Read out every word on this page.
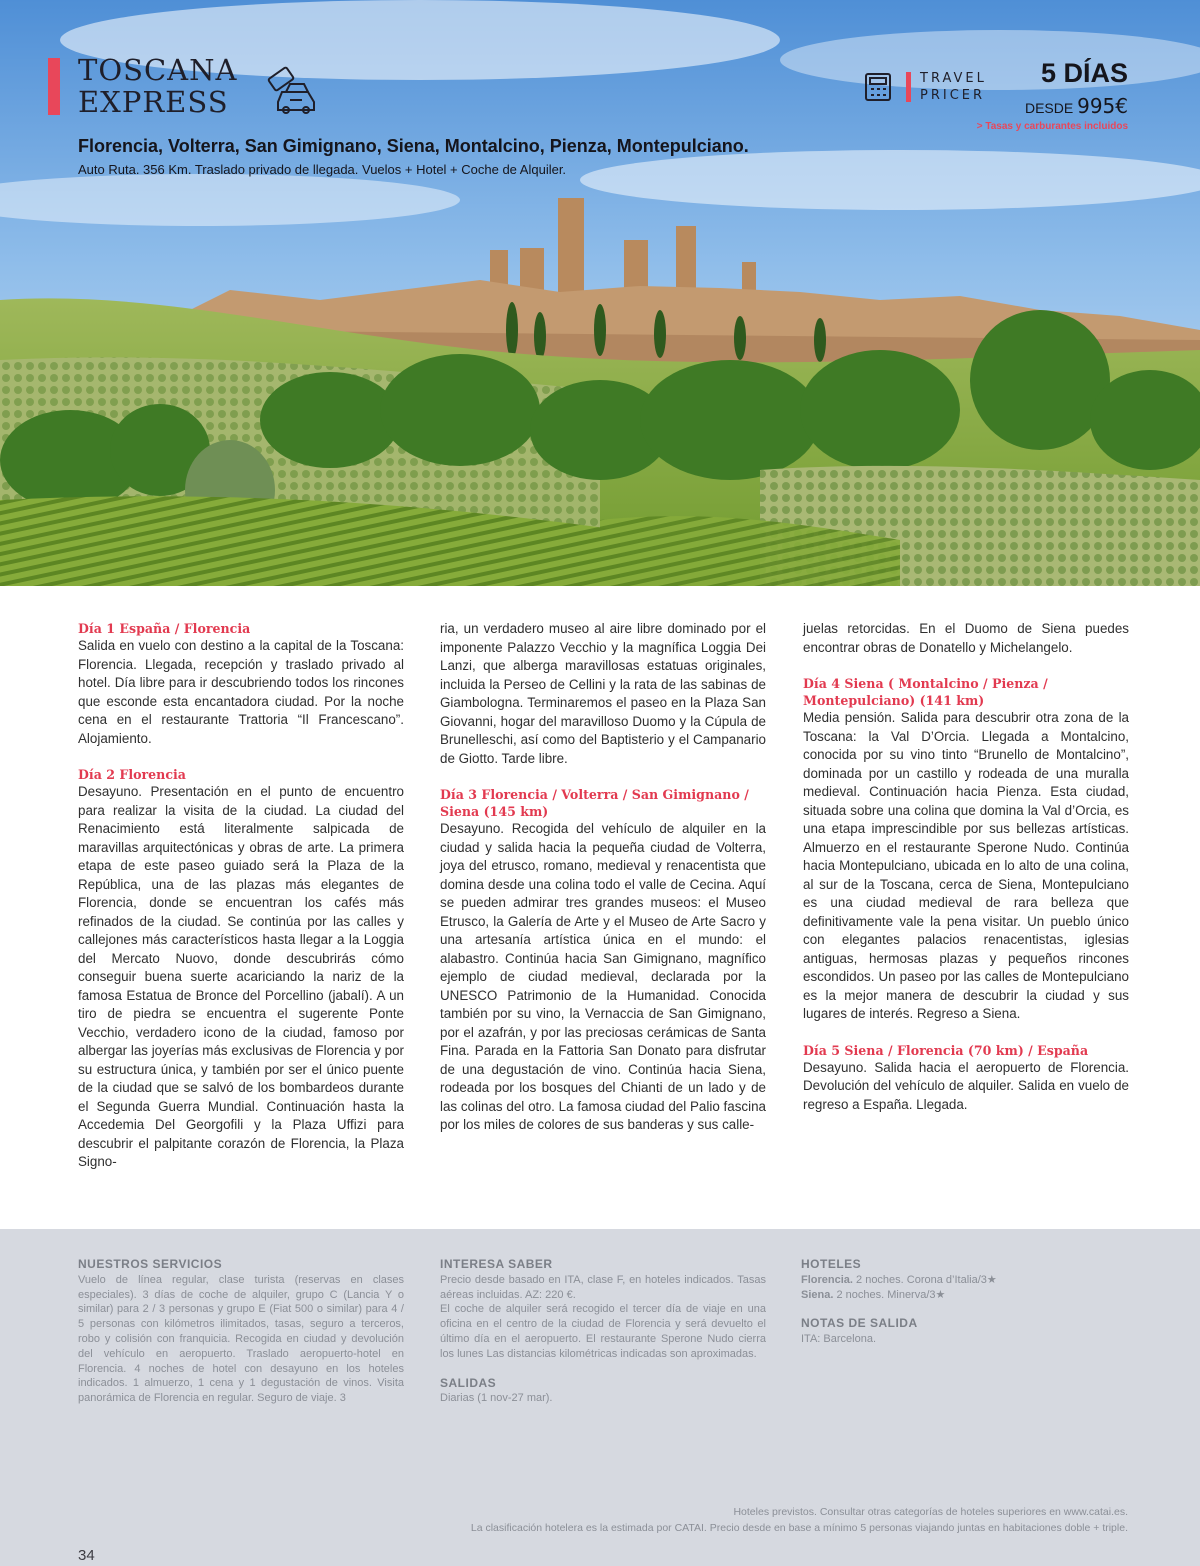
TOSCANA
EXPRESS
Florencia, Volterra, San Gimignano, Siena, Montalcino, Pienza, Montepulciano.
Auto Ruta. 356 Km. Traslado privado de llegada. Vuelos + Hotel + Coche de Alquiler.
TRAVEL
PRICER
5 DÍAS
DESDE 995€
> Tasas y carburantes incluidos
Día 1 España / Florencia

Salida en vuelo con destino a la capital de la Toscana: Florencia. Llegada, recepción y traslado privado al hotel. Día libre para ir descubriendo todos los rincones que esconde esta encantadora ciudad. Por la noche cena en el restaurante Trattoria “Il Francescano”. Alojamiento.

Día 2 Florencia

Desayuno. Presentación en el punto de encuentro para realizar la visita de la ciudad. La ciudad del Renacimiento está literalmente salpicada de maravillas arquitectónicas y obras de arte. La primera etapa de este paseo guiado será la Plaza de la República, una de las plazas más elegantes de Florencia, donde se encuentran los cafés más refinados de la ciudad. Se continúa por las calles y callejones más característicos hasta llegar a la Loggia del Mercato Nuovo, donde descubrirás cómo conseguir buena suerte acariciando la nariz de la famosa Estatua de Bronce del Porcellino (jabalí). A un tiro de piedra se encuentra el sugerente Ponte Vecchio, verdadero icono de la ciudad, famoso por albergar las joyerías más exclusivas de Florencia y por su estructura única, y también por ser el único puente de la ciudad que se salvó de los bombardeos durante el Segunda Guerra Mundial. Continuación hasta la Accedemia Del Georgofili y la Plaza Uffizi para descubrir el palpitante corazón de Florencia, la Plaza Signo-

ria, un verdadero museo al aire libre dominado por el imponente Palazzo Vecchio y la magnífica Loggia Dei Lanzi, que alberga maravillosas estatuas originales, incluida la Perseo de Cellini y la rata de las sabinas de Giambologna. Terminaremos el paseo en la Plaza San Giovanni, hogar del maravilloso Duomo y la Cúpula de Brunelleschi, así como del Baptisterio y el Campanario de Giotto. Tarde libre.

Día 3 Florencia / Volterra / San Gimignano / Siena (145 km)

Desayuno. Recogida del vehículo de alquiler en la ciudad y salida hacia la pequeña ciudad de Volterra, joya del etrusco, romano, medieval y renacentista que domina desde una colina todo el valle de Cecina. Aquí se pueden admirar tres grandes museos: el Museo Etrusco, la Galería de Arte y el Museo de Arte Sacro y una artesanía artística única en el mundo: el alabastro. Continúa hacia San Gimignano, magnífico ejemplo de ciudad medieval, declarada por la UNESCO Patrimonio de la Humanidad. Conocida también por su vino, la Vernaccia de San Gimignano, por el azafrán, y por las preciosas cerámicas de Santa Fina. Parada en la Fattoria San Donato para disfrutar de una degustación de vino. Continúa hacia Siena, rodeada por los bosques del Chianti de un lado y de las colinas del otro. La famosa ciudad del Palio fascina por los miles de colores de sus banderas y sus calle-

juelas retorcidas. En el Duomo de Siena puedes encontrar obras de Donatello y Michelangelo.

Día 4 Siena ( Montalcino / Pienza / Montepulciano) (141 km)

Media pensión. Salida para descubrir otra zona de la Toscana: la Val D’Orcia. Llegada a Montalcino, conocida por su vino tinto “Brunello de Montalcino”, dominada por un castillo y rodeada de una muralla medieval. Continuación hacia Pienza. Esta ciudad, situada sobre una colina que domina la Val d’Orcia, es una etapa imprescindible por sus bellezas artísticas. Almuerzo en el restaurante Sperone Nudo. Continúa hacia Montepulciano, ubicada en lo alto de una colina, al sur de la Toscana, cerca de Siena, Montepulciano es una ciudad medieval de rara belleza que definitivamente vale la pena visitar. Un pueblo único con elegantes palacios renacentistas, iglesias antiguas, hermosas plazas y pequeños rincones escondidos. Un paseo por las calles de Montepulciano es la mejor manera de descubrir la ciudad y sus lugares de interés. Regreso a Siena.

Día 5 Siena / Florencia (70 km) / España

Desayuno. Salida hacia el aeropuerto de Florencia. Devolución del vehículo de alquiler. Salida en vuelo de regreso a España. Llegada.

NUESTROS SERVICIOS

Vuelo de línea regular, clase turista (reservas en clases especiales). 3 días de coche de alquiler, grupo C (Lancia Y o similar) para 2 / 3 personas y grupo E (Fiat 500 o similar) para 4 / 5 personas con kilómetros ilimitados, tasas, seguro a terceros, robo y colisión con franquicia. Recogida en ciudad y devolución del vehículo en aeropuerto. Traslado aeropuerto-hotel en Florencia. 4 noches de hotel con desayuno en los hoteles indicados. 1 almuerzo, 1 cena y 1 degustación de vinos. Visita panorámica de Florencia en regular. Seguro de viaje. 3

INTERESA SABER

Precio desde basado en ITA, clase F, en hoteles indicados. Tasas aéreas incluidas. AZ: 220 €.

El coche de alquiler será recogido el tercer día de viaje en una oficina en el centro de la ciudad de Florencia y será devuelto el último día en el aeropuerto. El restaurante Sperone Nudo cierra los lunes Las distancias kilométricas indicadas son aproximadas.

SALIDAS

Diarias (1 nov-27 mar).

HOTELES

Florencia. 2 noches. Corona d’Italia/3★

Siena. 2 noches. Minerva/3★

NOTAS DE SALIDA

ITA: Barcelona.

Hoteles previstos. Consultar otras categorías de hoteles superiores en www.catai.es.
La clasificación hotelera es la estimada por CATAI. Precio desde en base a mínimo 5 personas viajando juntas en habitaciones doble + triple.
34
